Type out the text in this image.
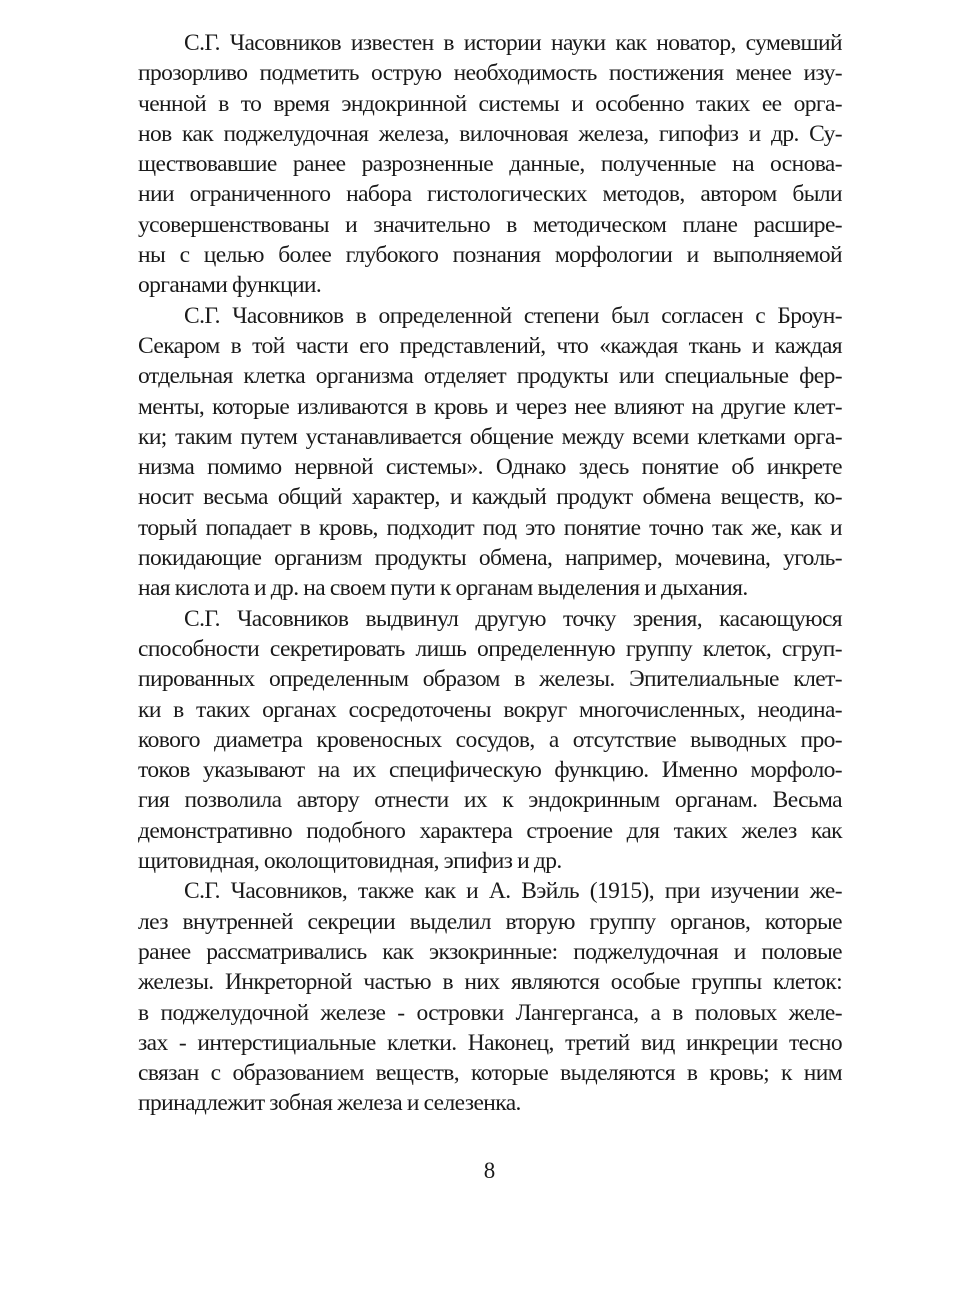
С.Г. Часовников известен в истории науки как новатор, сумевший
прозорливо подметить острую необходимость постижения менее изу-
ченной в то время эндокринной системы и особенно таких ее орга-
нов как поджелудочная железа, вилочновая железа, гипофиз и др. Су-
ществовавшие ранее разрозненные данные, полученные на основа-
нии ограниченного набора гистологических методов, автором были
усовершенствованы и значительно в методическом плане расшире-
ны с целью более глубокого познания морфологии и выполняемой
органами функции.
С.Г. Часовников в определенной степени был согласен с Броун-
Секаром в той части его представлений, что «каждая ткань и каждая
отдельная клетка организма отделяет продукты или специальные фер-
менты, которые изливаются в кровь и через нее влияют на другие клет-
ки; таким путем устанавливается общение между всеми клетками орга-
низма помимо нервной системы». Однако здесь понятие об инкрете
носит весьма общий характер, и каждый продукт обмена веществ, ко-
торый попадает в кровь, подходит под это понятие точно так же, как и
покидающие организм продукты обмена, например, мочевина, уголь-
ная кислота и др. на своем пути к органам выделения и дыхания.
С.Г. Часовников выдвинул другую точку зрения, касающуюся
способности секретировать лишь определенную группу клеток, сгруп-
пированных определенным образом в железы. Эпителиальные клет-
ки в таких органах сосредоточены вокруг многочисленных, неодина-
кового диаметра кровеносных сосудов, а отсутствие выводных про-
токов указывают на их специфическую функцию. Именно морфоло-
гия позволила автору отнести их к эндокринным органам. Весьма
демонстративно подобного характера строение для таких желез как
щитовидная, околощитовидная, эпифиз и др.
С.Г. Часовников, также как и А. Вэйль (1915), при изучении же-
лез внутренней секреции выделил вторую группу органов, которые
ранее рассматривались как экзокринные: поджелудочная и половые
железы. Инкреторной частью в них являются особые группы клеток:
в поджелудочной железе - островки Лангерганса, а в половых желе-
зах - интерстициальные клетки. Наконец, третий вид инкреции тесно
связан с образованием веществ, которые выделяются в кровь; к ним
принадлежит зобная железа и селезенка.
8
